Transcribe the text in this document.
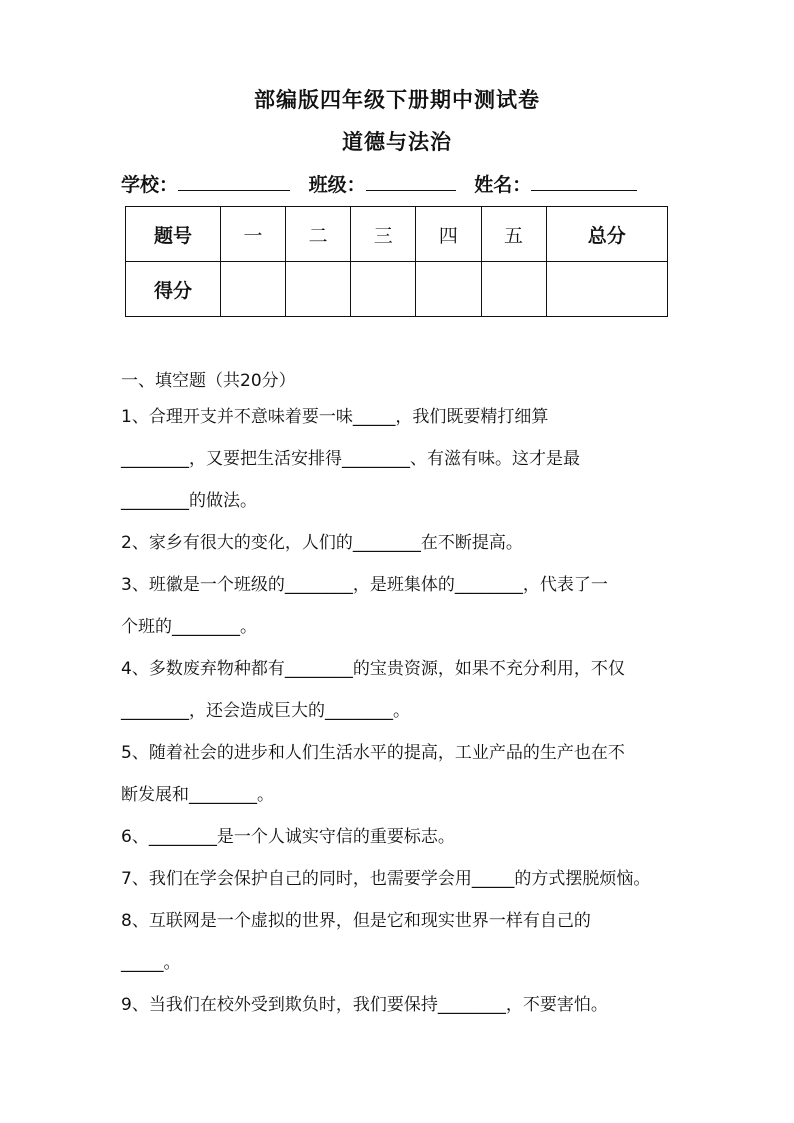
部编版四年级下册期中测试卷
道德与法治
学校：	班级：	姓名：
题号	一	二	三	四	五	总分
得分						
一、填空题（共20分）
1、合理开支并不意味着要一味_____，我们既要精打细算
________，又要把生活安排得________、有滋有味。这才是最
________的做法。
2、家乡有很大的变化，人们的________在不断提高。
3、班徽是一个班级的________，是班集体的________，代表了一
个班的________。
4、多数废弃物种都有________的宝贵资源，如果不充分利用，不仅
________，还会造成巨大的________。
5、随着社会的进步和人们生活水平的提高，工业产品的生产也在不
断发展和________。
6、________是一个人诚实守信的重要标志。
7、我们在学会保护自己的同时，也需要学会用_____的方式摆脱烦恼。
8、互联网是一个虚拟的世界，但是它和现实世界一样有自己的
_____。
9、当我们在校外受到欺负时，我们要保持________，不要害怕。
